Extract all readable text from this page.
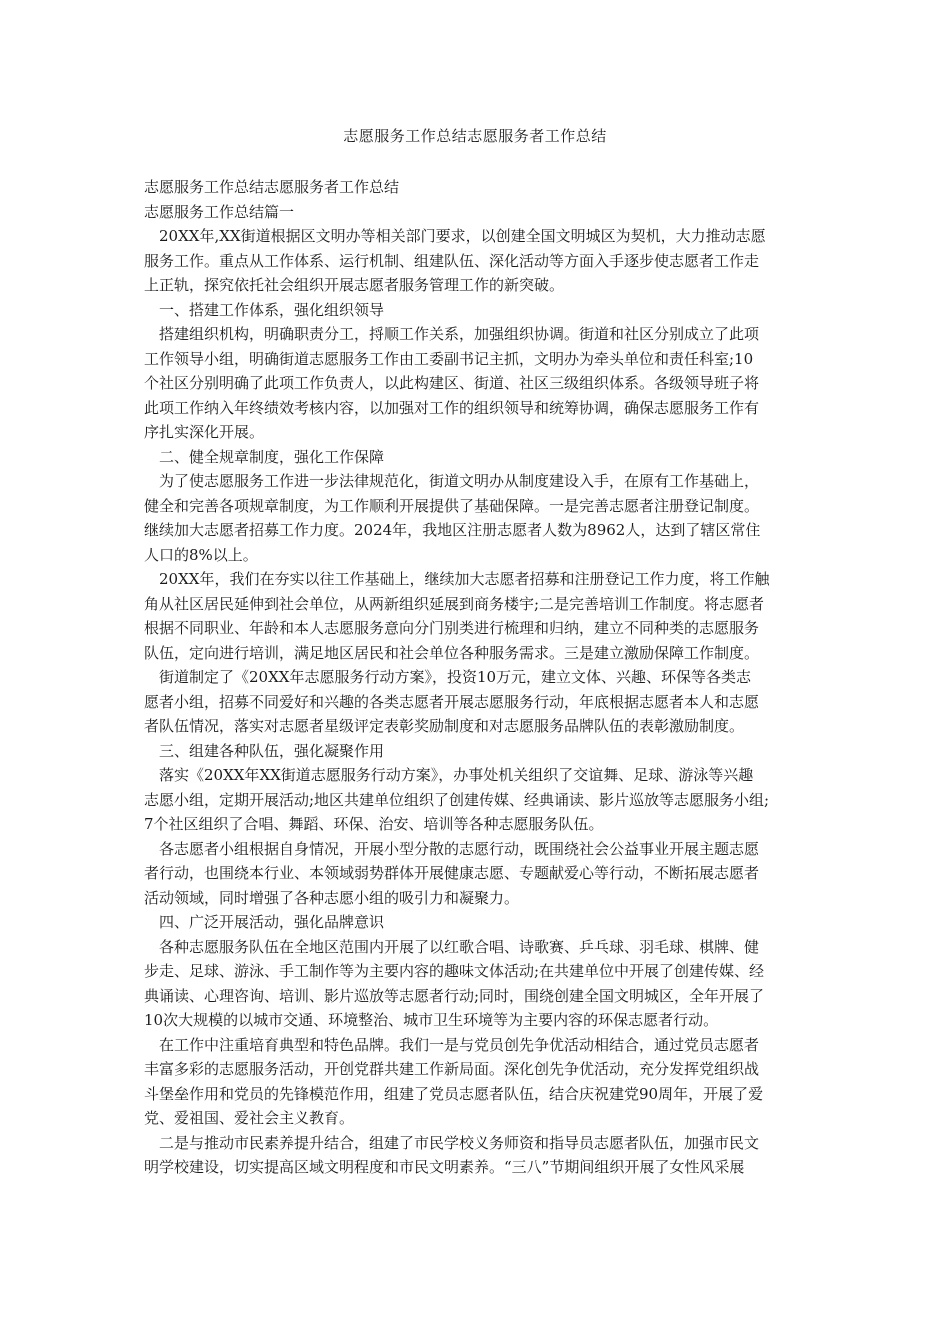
志愿服务工作总结志愿服务者工作总结

志愿服务工作总结志愿服务者工作总结

志愿服务工作总结篇一

　20XX年,XX街道根据区文明办等相关部门要求，以创建全国文明城区为契机，大力推动志愿

服务工作。重点从工作体系、运行机制、组建队伍、深化活动等方面入手逐步使志愿者工作走

上正轨，探究依托社会组织开展志愿者服务管理工作的新突破。

　一、搭建工作体系，强化组织领导

　搭建组织机构，明确职责分工，捋顺工作关系，加强组织协调。街道和社区分别成立了此项

工作领导小组，明确街道志愿服务工作由工委副书记主抓，文明办为牵头单位和责任科室;10

个社区分别明确了此项工作负责人，以此构建区、街道、社区三级组织体系。各级领导班子将

此项工作纳入年终绩效考核内容，以加强对工作的组织领导和统筹协调，确保志愿服务工作有

序扎实深化开展。

　二、健全规章制度，强化工作保障

　为了使志愿服务工作进一步法律规范化，街道文明办从制度建设入手，在原有工作基础上，

健全和完善各项规章制度，为工作顺利开展提供了基础保障。一是完善志愿者注册登记制度。

继续加大志愿者招募工作力度。2024年，我地区注册志愿者人数为8962人，达到了辖区常住

人口的8%以上。

　20XX年，我们在夯实以往工作基础上，继续加大志愿者招募和注册登记工作力度，将工作触

角从社区居民延伸到社会单位，从两新组织延展到商务楼宇;二是完善培训工作制度。将志愿者

根据不同职业、年龄和本人志愿服务意向分门别类进行梳理和归纳，建立不同种类的志愿服务

队伍，定向进行培训，满足地区居民和社会单位各种服务需求。三是建立激励保障工作制度。

　街道制定了《20XX年志愿服务行动方案》，投资10万元，建立文体、兴趣、环保等各类志

愿者小组，招募不同爱好和兴趣的各类志愿者开展志愿服务行动，年底根据志愿者本人和志愿

者队伍情况，落实对志愿者星级评定表彰奖励制度和对志愿服务品牌队伍的表彰激励制度。

　三、组建各种队伍，强化凝聚作用

　落实《20XX年XX街道志愿服务行动方案》，办事处机关组织了交谊舞、足球、游泳等兴趣

志愿小组，定期开展活动;地区共建单位组织了创建传媒、经典诵读、影片巡放等志愿服务小组;

7个社区组织了合唱、舞蹈、环保、治安、培训等各种志愿服务队伍。

　各志愿者小组根据自身情况，开展小型分散的志愿行动，既围绕社会公益事业开展主题志愿

者行动，也围绕本行业、本领域弱势群体开展健康志愿、专题献爱心等行动，不断拓展志愿者

活动领域，同时增强了各种志愿小组的吸引力和凝聚力。

　四、广泛开展活动，强化品牌意识

　各种志愿服务队伍在全地区范围内开展了以红歌合唱、诗歌赛、乒乓球、羽毛球、棋牌、健

步走、足球、游泳、手工制作等为主要内容的趣味文体活动;在共建单位中开展了创建传媒、经

典诵读、心理咨询、培训、影片巡放等志愿者行动;同时，围绕创建全国文明城区，全年开展了

10次大规模的以城市交通、环境整治、城市卫生环境等为主要内容的环保志愿者行动。

　在工作中注重培育典型和特色品牌。我们一是与党员创先争优活动相结合，通过党员志愿者

丰富多彩的志愿服务活动，开创党群共建工作新局面。深化创先争优活动，充分发挥党组织战

斗堡垒作用和党员的先锋模范作用，组建了党员志愿者队伍，结合庆祝建党90周年，开展了爱

党、爱祖国、爱社会主义教育。

　二是与推动市民素养提升结合，组建了市民学校义务师资和指导员志愿者队伍，加强市民文

明学校建设，切实提高区域文明程度和市民文明素养。“三八”节期间组织开展了女性风采展
